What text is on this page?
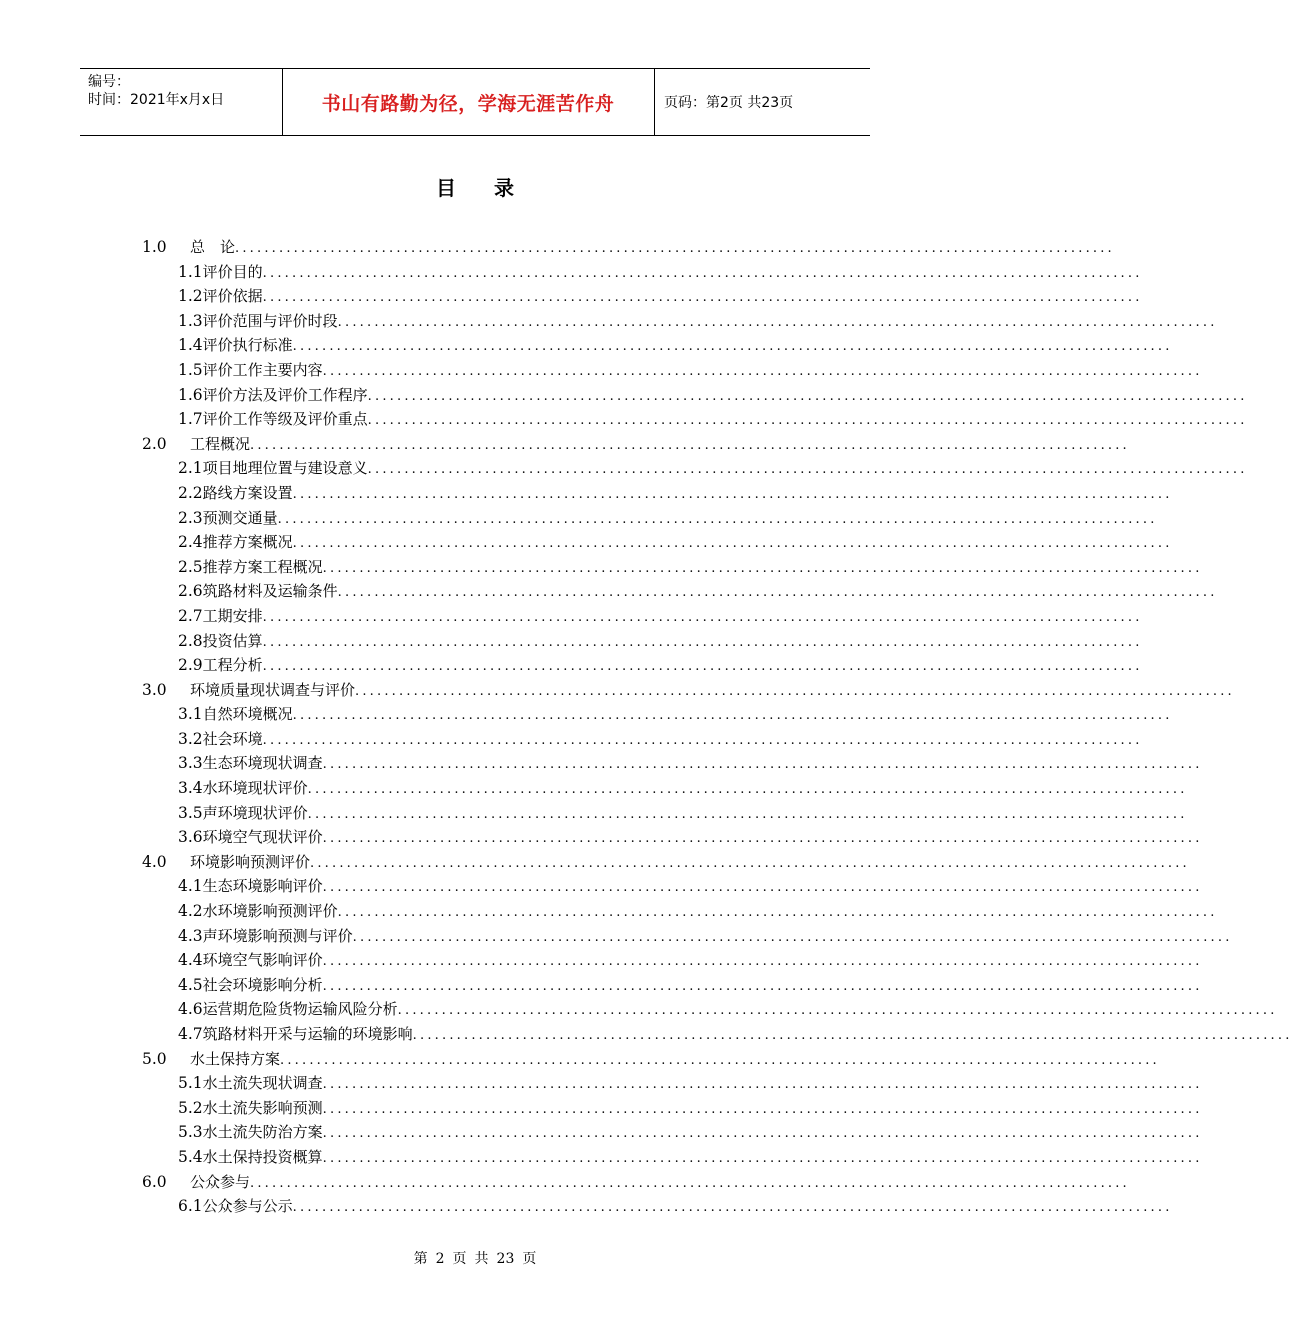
编号：
时间：2021年x月x日	书山有路勤为径，学海无涯苦作舟	页码：第2页 共23页
目 录
1.0	总　论 ........................................................................................................................
1.1 评价目的 ........................................................................................................................
1.2 评价依据 ........................................................................................................................
1.3 评价范围与评价时段 ........................................................................................................................
1.4 评价执行标准 ........................................................................................................................
1.5 评价工作主要内容 ........................................................................................................................
1.6 评价方法及评价工作程序 ........................................................................................................................
1.7 评价工作等级及评价重点 ........................................................................................................................
2.0	工程概况 ........................................................................................................................
2.1 项目地理位置与建设意义 ........................................................................................................................
2.2 路线方案设置 ........................................................................................................................
2.3 预测交通量 ........................................................................................................................
2.4 推荐方案概况 ........................................................................................................................
2.5 推荐方案工程概况 ........................................................................................................................
2.6 筑路材料及运输条件 ........................................................................................................................
2.7 工期安排 ........................................................................................................................
2.8 投资估算 ........................................................................................................................
2.9 工程分析 ........................................................................................................................
3.0	环境质量现状调查与评价 ........................................................................................................................
3.1 自然环境概况 ........................................................................................................................
3.2 社会环境 ........................................................................................................................
3.3 生态环境现状调查 ........................................................................................................................
3.4 水环境现状评价 ........................................................................................................................
3.5 声环境现状评价 ........................................................................................................................
3.6 环境空气现状评价 ........................................................................................................................
4.0	环境影响预测评价 ........................................................................................................................
4.1 生态环境影响评价 ........................................................................................................................
4.2 水环境影响预测评价 ........................................................................................................................
4.3 声环境影响预测与评价 ........................................................................................................................
4.4 环境空气影响评价 ........................................................................................................................
4.5 社会环境影响分析 ........................................................................................................................
4.6 运营期危险货物运输风险分析 ........................................................................................................................
4.7 筑路材料开采与运输的环境影响 ........................................................................................................................
5.0	水土保持方案 ........................................................................................................................
5.1 水土流失现状调查 ........................................................................................................................
5.2 水土流失影响预测 ........................................................................................................................
5.3 水土流失防治方案 ........................................................................................................................
5.4 水土保持投资概算 ........................................................................................................................
6.0	公众参与 ........................................................................................................................
6.1 公众参与公示 ........................................................................................................................
第 2 页 共 23 页
